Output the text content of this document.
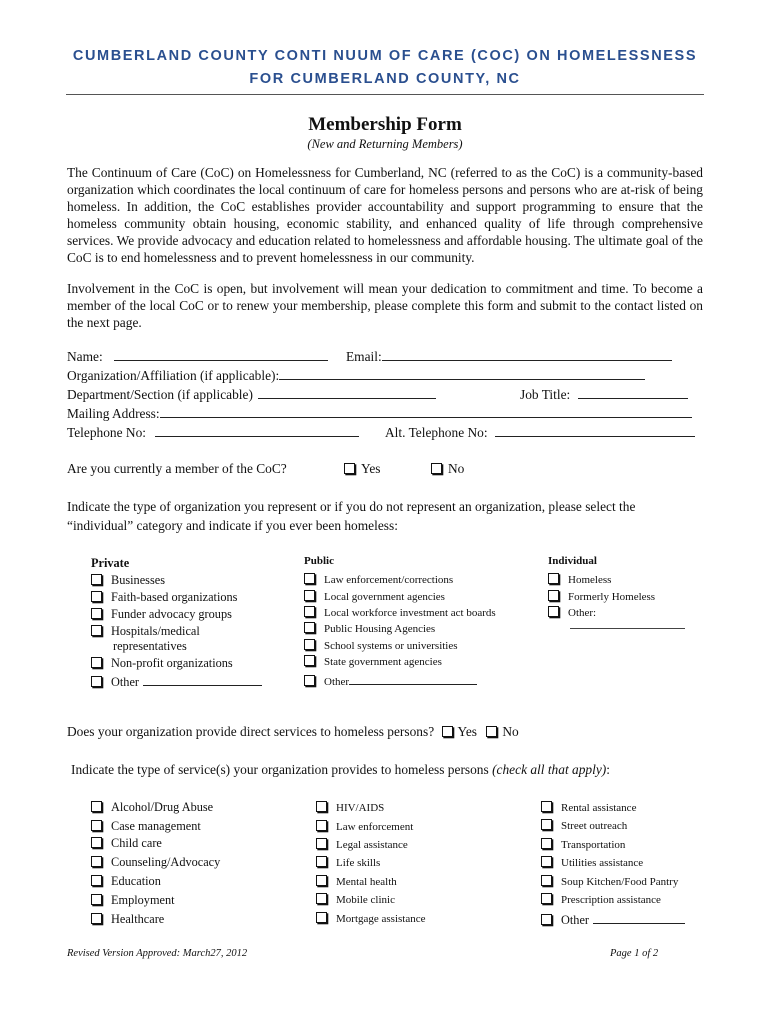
CUMBERLAND COUNTY CONTI NUUM OF CARE (COC) ON HOMELESSNESS
FOR CUMBERLAND COUNTY, NC
Membership Form
(New and Returning Members)
The Continuum of Care (CoC) on Homelessness for Cumberland, NC (referred to as the CoC) is a community-based organization which coordinates the local continuum of care for homeless persons and persons who are at-risk of being homeless. In addition, the CoC establishes provider accountability and support programming to ensure that the homeless community obtain housing, economic stability, and enhanced quality of life through comprehensive services. We provide advocacy and education related to homelessness and affordable housing. The ultimate goal of the CoC is to end homelessness and to prevent homelessness in our community.
Involvement in the CoC is open, but involvement will mean your dedication to commitment and time. To become a member of the local CoC or to renew your membership, please complete this form and submit to the contact listed on the next page.
Name:	Email:
Organization/Affiliation (if applicable):
Department/Section (if applicable)	Job Title:
Mailing Address:
Telephone No:	Alt. Telephone No:
Are you currently a member of the CoC?	Yes	No
Indicate the type of organization you represent or if you do not represent an organization, please select the
“individual” category and indicate if you ever been homeless:
Private
Businesses
Faith-based organizations
Funder advocacy groups
Hospitals/medical
representatives
Non-profit organizations
Other
Public
Law enforcement/corrections
Local government agencies
Local workforce investment act boards
Public Housing Agencies
School systems or universities
State government agencies
Other
Individual
Homeless
Formerly Homeless
Other:
Does your organization provide direct services to homeless persons? Yes No
Indicate the type of service(s) your organization provides to homeless persons (check all that apply):
Alcohol/Drug Abuse
Case management
Child care
Counseling/Advocacy
Education
Employment
Healthcare
HIV/AIDS
Law enforcement
Legal assistance
Life skills
Mental health
Mobile clinic
Mortgage assistance
Rental assistance
Street outreach
Transportation
Utilities assistance
Soup Kitchen/Food Pantry
Prescription assistance
Other
Revised Version Approved: March27, 2012	Page 1 of 2
